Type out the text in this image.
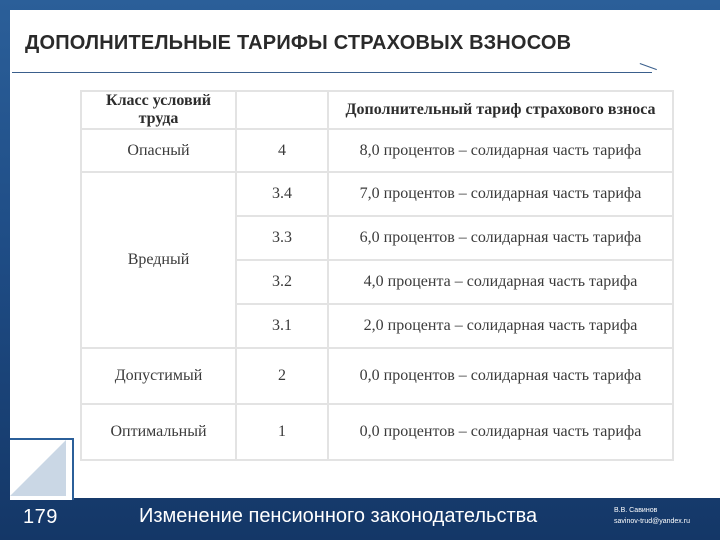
ДОПОЛНИТЕЛЬНЫЕ ТАРИФЫ СТРАХОВЫХ ВЗНОСОВ
Класс условий труда		Дополнительный тариф страхового взноса
Опасный	4	8,0 процентов – солидарная часть тарифа
Вредный	3.4	7,0 процентов – солидарная часть тарифа
	3.3	6,0 процентов – солидарная часть тарифа
	3.2	4,0 процента – солидарная часть тарифа
	3.1	2,0 процента – солидарная часть тарифа
Допустимый	2	0,0 процентов – солидарная часть тарифа
Оптимальный	1	0,0 процентов – солидарная часть тарифа
179	Изменение пенсионного законодательства	В.В. Савинов
savinov-trud@yandex.ru
